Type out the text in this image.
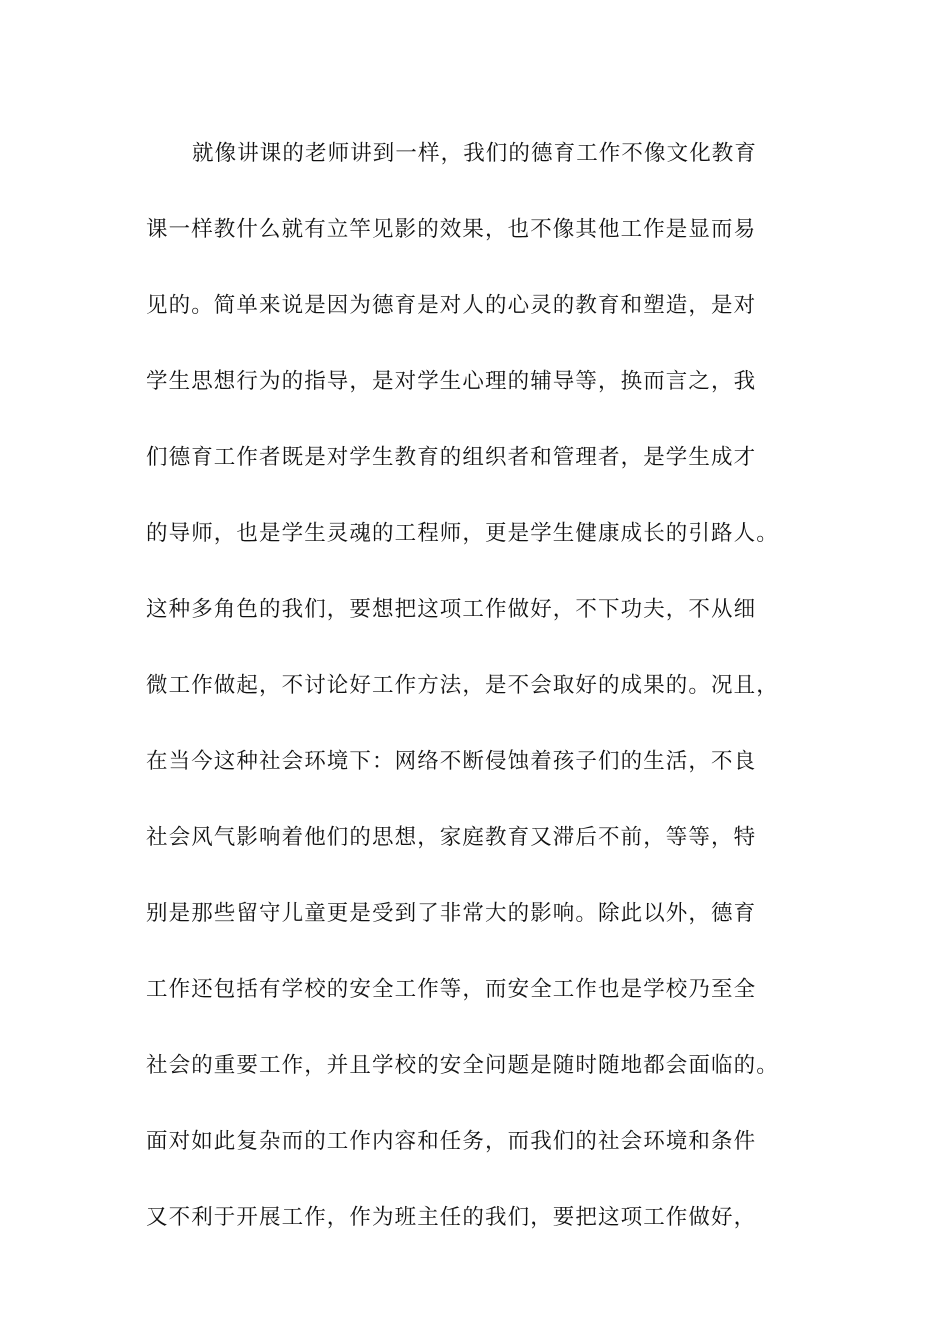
就像讲课的老师讲到一样，我们的德育工作不像文化教育
课一样教什么就有立竿见影的效果，也不像其他工作是显而易
见的。简单来说是因为德育是对人的心灵的教育和塑造，是对
学生思想行为的指导，是对学生心理的辅导等，换而言之，我
们德育工作者既是对学生教育的组织者和管理者，是学生成才
的导师，也是学生灵魂的工程师，更是学生健康成长的引路人。
这种多角色的我们，要想把这项工作做好，不下功夫，不从细
微工作做起，不讨论好工作方法，是不会取好的成果的。况且，
在当今这种社会环境下：网络不断侵蚀着孩子们的生活，不良
社会风气影响着他们的思想，家庭教育又滞后不前，等等，特
别是那些留守儿童更是受到了非常大的影响。除此以外，德育
工作还包括有学校的安全工作等，而安全工作也是学校乃至全
社会的重要工作，并且学校的安全问题是随时随地都会面临的。
面对如此复杂而的工作内容和任务，而我们的社会环境和条件
又不利于开展工作，作为班主任的我们，要把这项工作做好，
